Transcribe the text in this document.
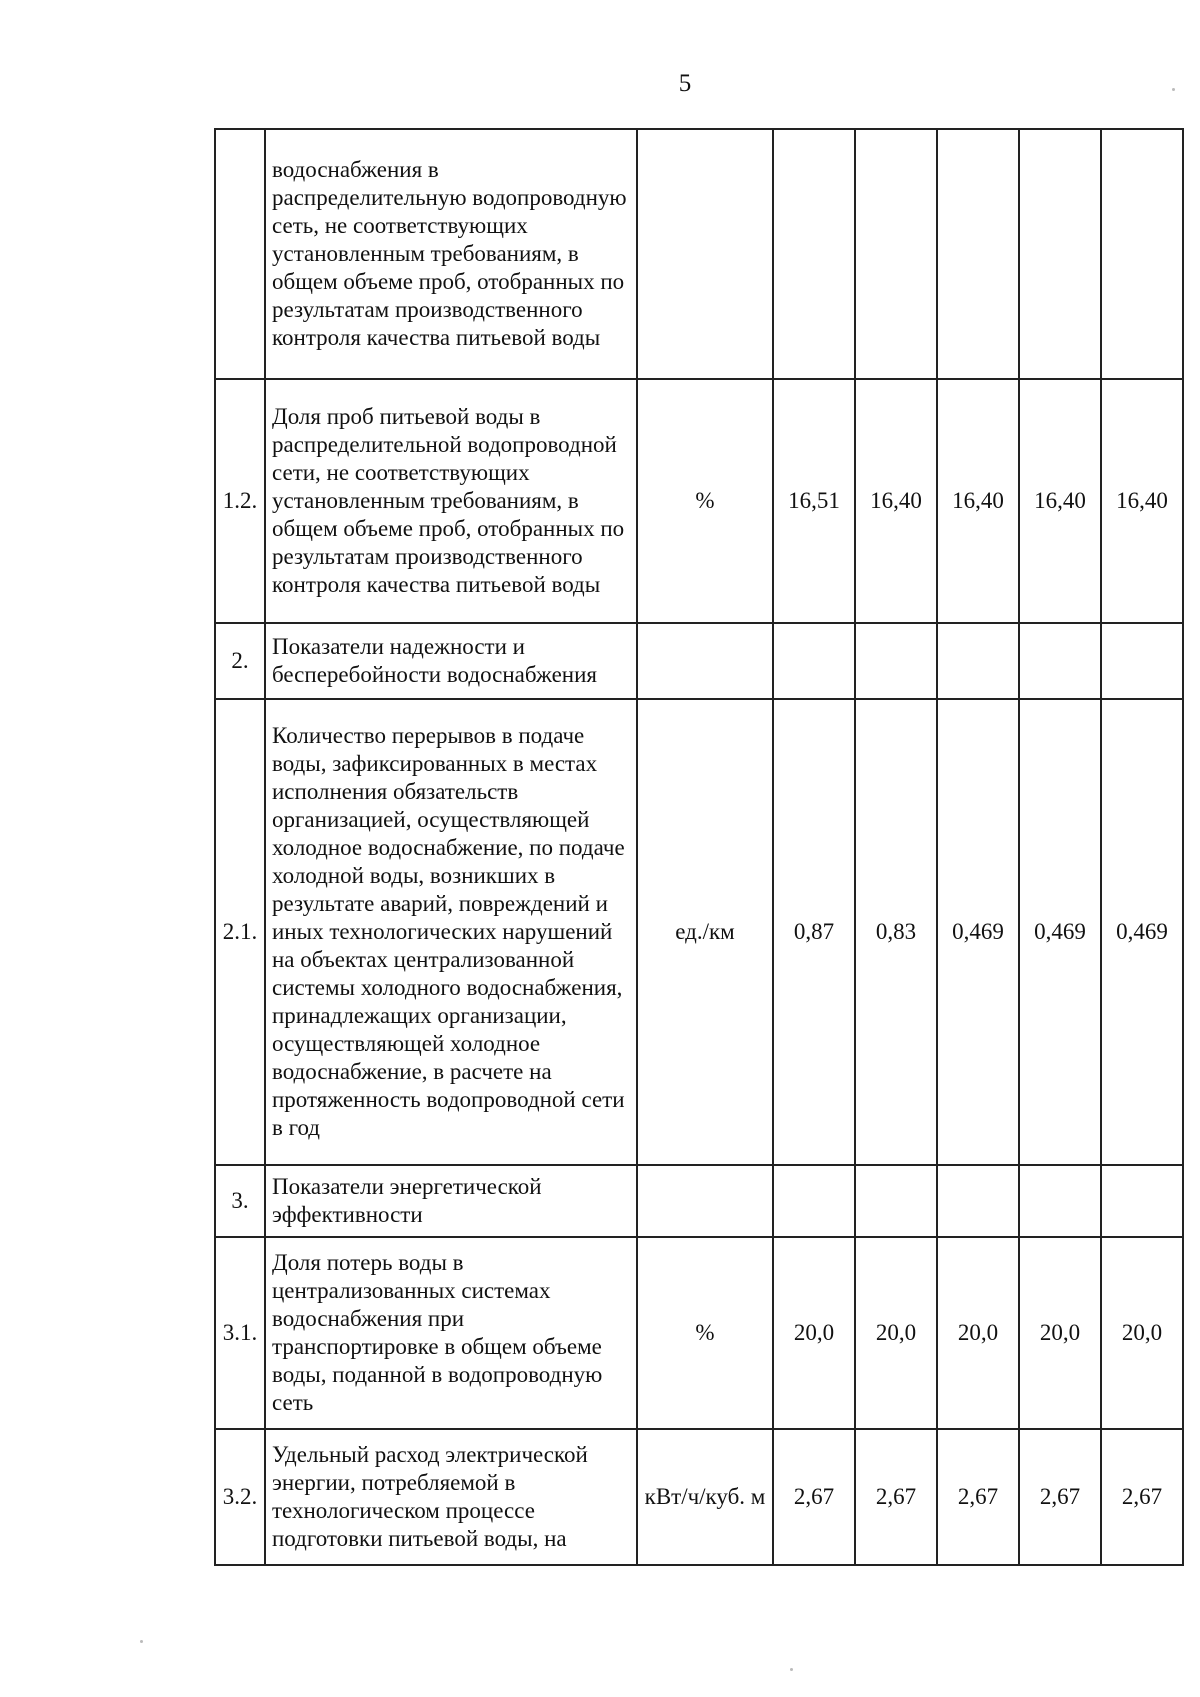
5
	водоснабжения в распределительную водопроводную сеть, не соответствующих установленным требованиям, в общем объеме проб, отобранных по результатам производственного контроля качества питьевой воды						
1.2.	Доля проб питьевой воды в распределительной водопроводной сети, не соответствующих установленным требованиям, в общем объеме проб, отобранных по результатам производственного контроля качества питьевой воды	%	16,51	16,40	16,40	16,40	16,40
2.	Показатели надежности и бесперебойности водоснабжения						
2.1.	Количество перерывов в подаче воды, зафиксированных в местах исполнения обязательств организацией, осуществляющей холодное водоснабжение, по подаче холодной воды, возникших в результате аварий, повреждений и иных технологических нарушений на объектах централизованной системы холодного водоснабжения, принадлежащих организации, осуществляющей холодное водоснабжение, в расчете на протяженность водопроводной сети в год	ед./км	0,87	0,83	0,469	0,469	0,469
3.	Показатели энергетической эффективности						
3.1.	Доля потерь воды в централизованных системах водоснабжения при транспортировке в общем объеме воды, поданной в водопроводную сеть	%	20,0	20,0	20,0	20,0	20,0
3.2.	Удельный расход электрической энергии, потребляемой в технологическом процессе подготовки питьевой воды, на	кВт/ч/куб. м	2,67	2,67	2,67	2,67	2,67
